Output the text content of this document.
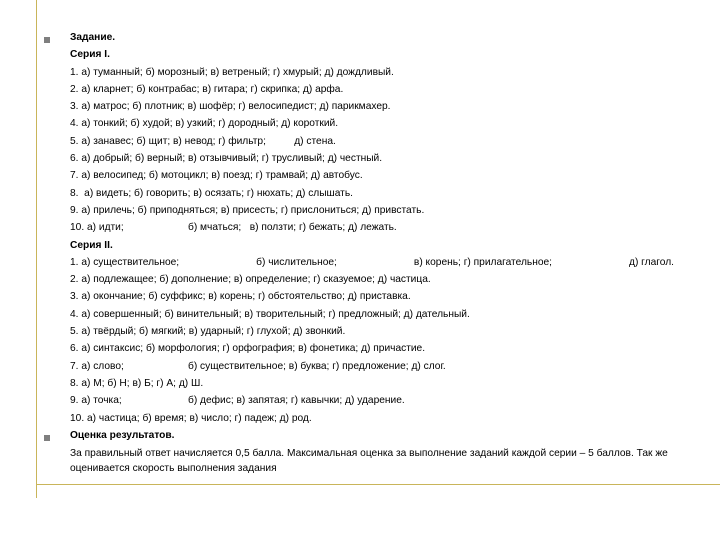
Задание.
Серия I.
1. а) туманный; б) морозный; в) ветреный; г) хмурый; д) дождливый.
2. а) кларнет; б) контрабас; в) гитара; г) скрипка; д) арфа.
3. а) матрос; б) плотник; в) шофёр; г) велосипедист; д) парикмахер.
4. а) тонкий; б) худой; в) узкий; г) дородный; д) короткий.
5. а) занавес; б) щит; в) невод; г) фильтр;          д) стена.
6. а) добрый; б) верный; в) отзывчивый; г) трусливый; д) честный.
7. а) велосипед; б) мотоцикл; в) поезд; г) трамвай; д) автобус.
8.  а) видеть; б) говорить; в) осязать; г) нюхать; д) слышать.
9. а) прилечь; б) приподняться; в) присесть; г) прислониться; д) привстать.
10. а) идти;	б) мчаться;   в) ползти; г) бежать; д) лежать.
Серия II.
1. а) существительное;	б) числительное;	в) корень; г) прилагательное;	д) глагол.
2. а) подлежащее; б) дополнение; в) определение; г) сказуемое; д) частица.
3. а) окончание; б) суффикс; в) корень; г) обстоятельство; д) приставка.
4. а) совершенный; б) винительный; в) творительный; г) предложный; д) дательный.
5. а) твёрдый; б) мягкий; в) ударный; г) глухой; д) звонкий.
6. а) синтаксис; б) морфология; г) орфография; в) фонетика; д) причастие.
7. а) слово;	б) существительное; в) буква; г) предложение; д) слог.
8. а) М; б) Н; в) Б; г) А; д) Ш.
9. а) точка;	б) дефис; в) запятая; г) кавычки; д) ударение.
10. а) частица; б) время; в) число; г) падеж; д) род.
Оценка результатов.
За правильный ответ начисляется 0,5 балла. Максимальная оценка за выполнение заданий каждой серии – 5 баллов. Так же оценивается скорость выполнения задания
